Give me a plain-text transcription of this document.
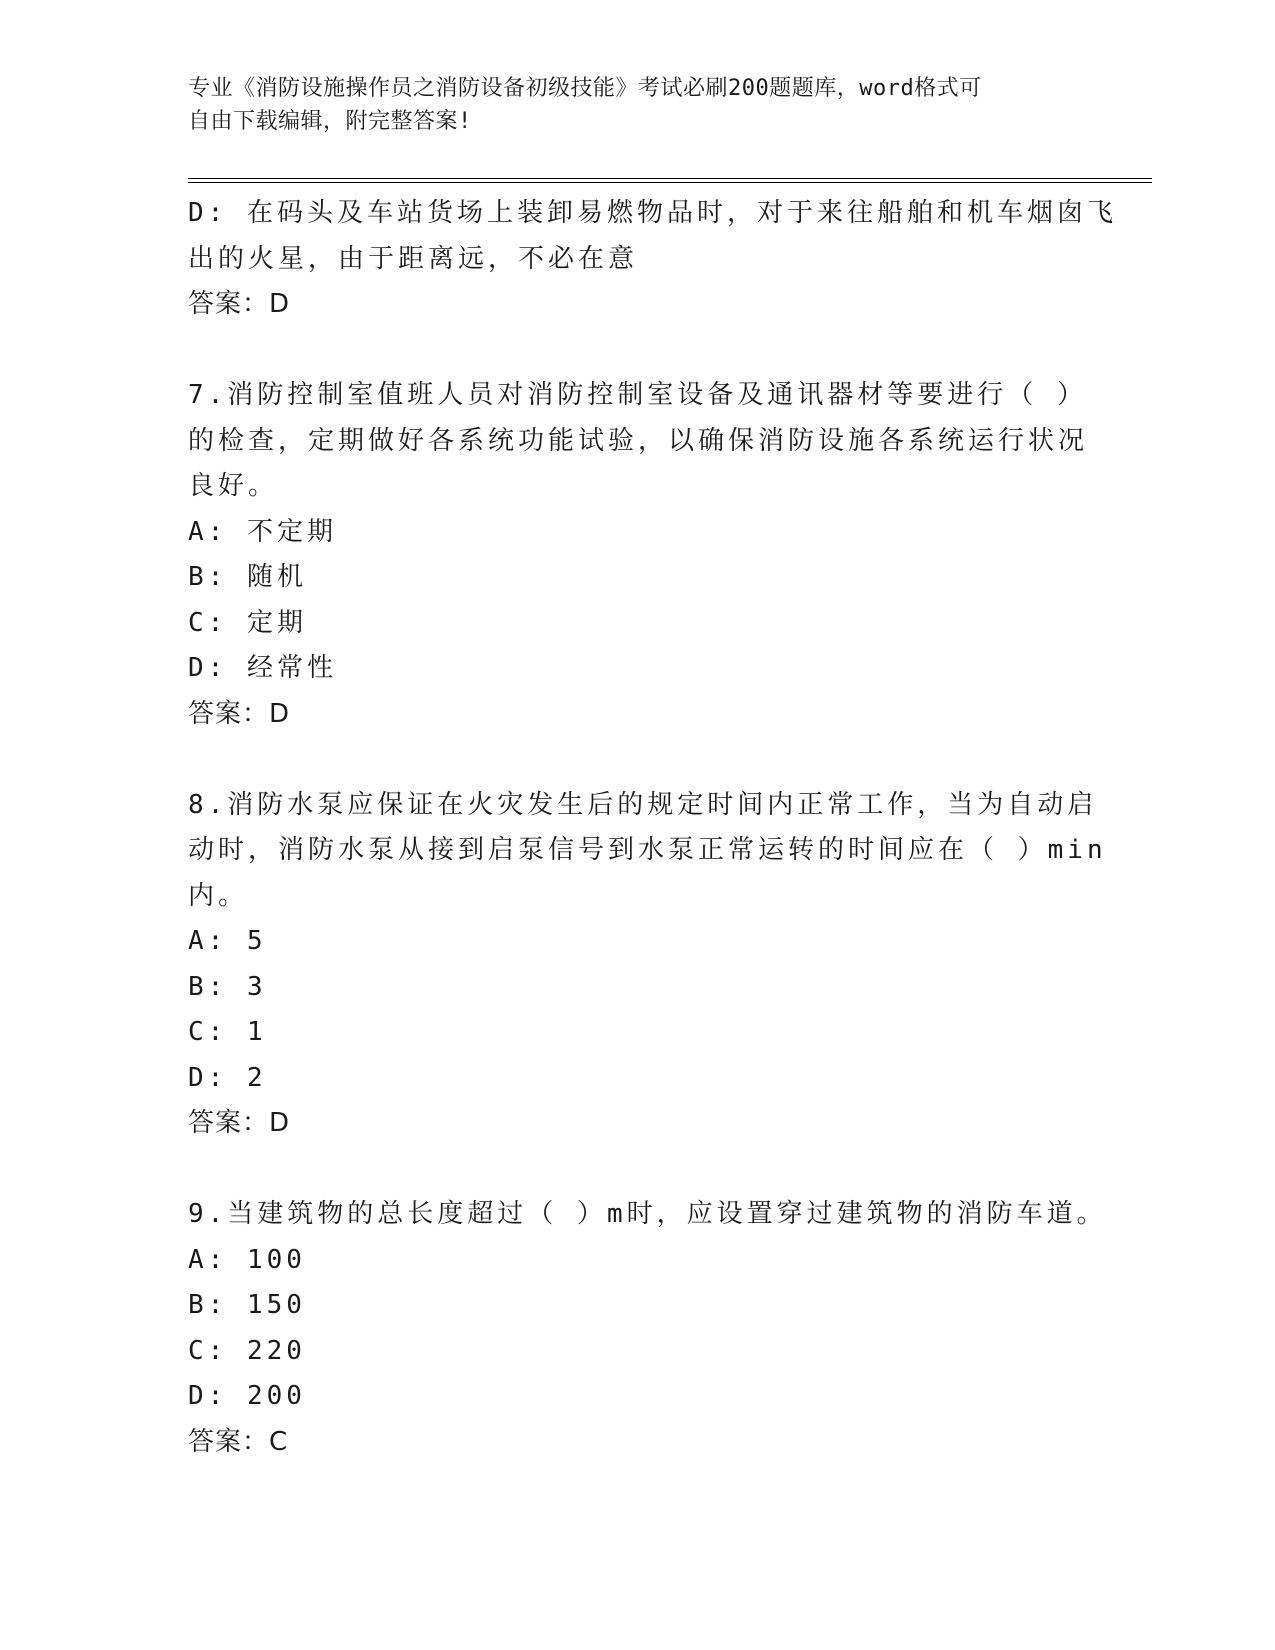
专业《消防设施操作员之消防设备初级技能》考试必刷200题题库，word格式可
自由下载编辑，附完整答案!
D: 在码头及车站货场上装卸易燃物品时，对于来往船舶和机车烟囱飞
出的火星，由于距离远，不必在意
答案：D
7.消防控制室值班人员对消防控制室设备及通讯器材等要进行（ ）
的检查，定期做好各系统功能试验，以确保消防设施各系统运行状况
良好。
A: 不定期
B: 随机
C: 定期
D: 经常性
答案：D
8.消防水泵应保证在火灾发生后的规定时间内正常工作，当为自动启
动时，消防水泵从接到启泵信号到水泵正常运转的时间应在（ ）min
内。
A: 5
B: 3
C: 1
D: 2
答案：D
9.当建筑物的总长度超过（ ）m时，应设置穿过建筑物的消防车道。
A: 100
B: 150
C: 220
D: 200
答案：C
